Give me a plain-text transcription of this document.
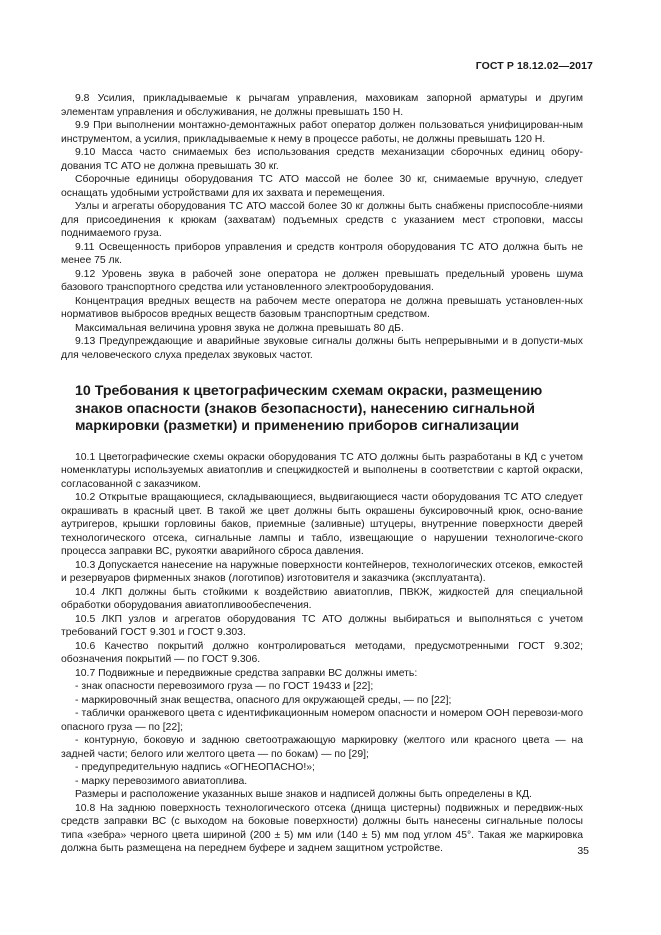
ГОСТ Р 18.12.02—2017

9.8 Усилия, прикладываемые к рычагам управления, маховикам запорной арматуры и другим элементам управления и обслуживания, не должны превышать 150 Н.

9.9 При выполнении монтажно-демонтажных работ оператор должен пользоваться унифицирован-ным инструментом, а усилия, прикладываемые к нему в процессе работы, не должны превышать 120 Н.

9.10 Масса часто снимаемых без использования средств механизации сборочных единиц обору-дования ТС АТО не должна превышать 30 кг.

Сборочные единицы оборудования ТС АТО массой не более 30 кг, снимаемые вручную, следует оснащать удобными устройствами для их захвата и перемещения.

Узлы и агрегаты оборудования ТС АТО массой более 30 кг должны быть снабжены приспособле-ниями для присоединения к крюкам (захватам) подъемных средств с указанием мест строповки, массы поднимаемого груза.

9.11 Освещенность приборов управления и средств контроля оборудования ТС АТО должна быть не менее 75 лк.

9.12 Уровень звука в рабочей зоне оператора не должен превышать предельный уровень шума базового транспортного средства или установленного электрооборудования.

Концентрация вредных веществ на рабочем месте оператора не должна превышать установлен-ных нормативов выбросов вредных веществ базовым транспортным средством.

Максимальная величина уровня звука не должна превышать 80 дБ.

9.13 Предупреждающие и аварийные звуковые сигналы должны быть непрерывными и в допусти-мых для человеческого слуха пределах звуковых частот.

10 Требования к цветографическим схемам окраски, размещению знаков опасности (знаков безопасности), нанесению сигнальной маркировки (разметки) и применению приборов сигнализации

10.1 Цветографические схемы окраски оборудования ТС АТО должны быть разработаны в КД с учетом номенклатуры используемых авиатоплив и спецжидкостей и выполнены в соответствии с картой окраски, согласованной с заказчиком.

10.2 Открытые вращающиеся, складывающиеся, выдвигающиеся части оборудования ТС АТО следует окрашивать в красный цвет. В такой же цвет должны быть окрашены буксировочный крюк, осно-вание аутригеров, крышки горловины баков, приемные (заливные) штуцеры, внутренние поверхности дверей технологического отсека, сигнальные лампы и табло, извещающие о нарушении технологиче-ского процесса заправки ВС, рукоятки аварийного сброса давления.

10.3 Допускается нанесение на наружные поверхности контейнеров, технологических отсеков, емкостей и резервуаров фирменных знаков (логотипов) изготовителя и заказчика (эксплуатанта).

10.4 ЛКП должны быть стойкими к воздействию авиатоплив, ПВКЖ, жидкостей для специальной обработки оборудования авиатопливообеспечения.

10.5 ЛКП узлов и агрегатов оборудования ТС АТО должны выбираться и выполняться с учетом требований ГОСТ 9.301 и ГОСТ 9.303.

10.6 Качество покрытий должно контролироваться методами, предусмотренными ГОСТ 9.302; обозначения покрытий — по ГОСТ 9.306.

10.7 Подвижные и передвижные средства заправки ВС должны иметь:

- знак опасности перевозимого груза — по ГОСТ 19433 и [22];

- маркировочный знак вещества, опасного для окружающей среды, — по [22];

- таблички оранжевого цвета с идентификационным номером опасности и номером ООН перевози-мого опасного груза — по [22];

- контурную, боковую и заднюю светоотражающую маркировку (желтого или красного цвета — на задней части; белого или желтого цвета — по бокам) — по [29];

- предупредительную надпись «ОГНЕОПАСНО!»;

- марку перевозимого авиатоплива.

Размеры и расположение указанных выше знаков и надписей должны быть определены в КД.

10.8 На заднюю поверхность технологического отсека (днища цистерны) подвижных и передвиж-ных средств заправки ВС (с выходом на боковые поверхности) должны быть нанесены сигнальные полосы типа «зебра» черного цвета шириной (200 ± 5) мм или (140 ± 5) мм под углом 45°. Такая же маркировка должна быть размещена на переднем буфере и заднем защитном устройстве.	35
